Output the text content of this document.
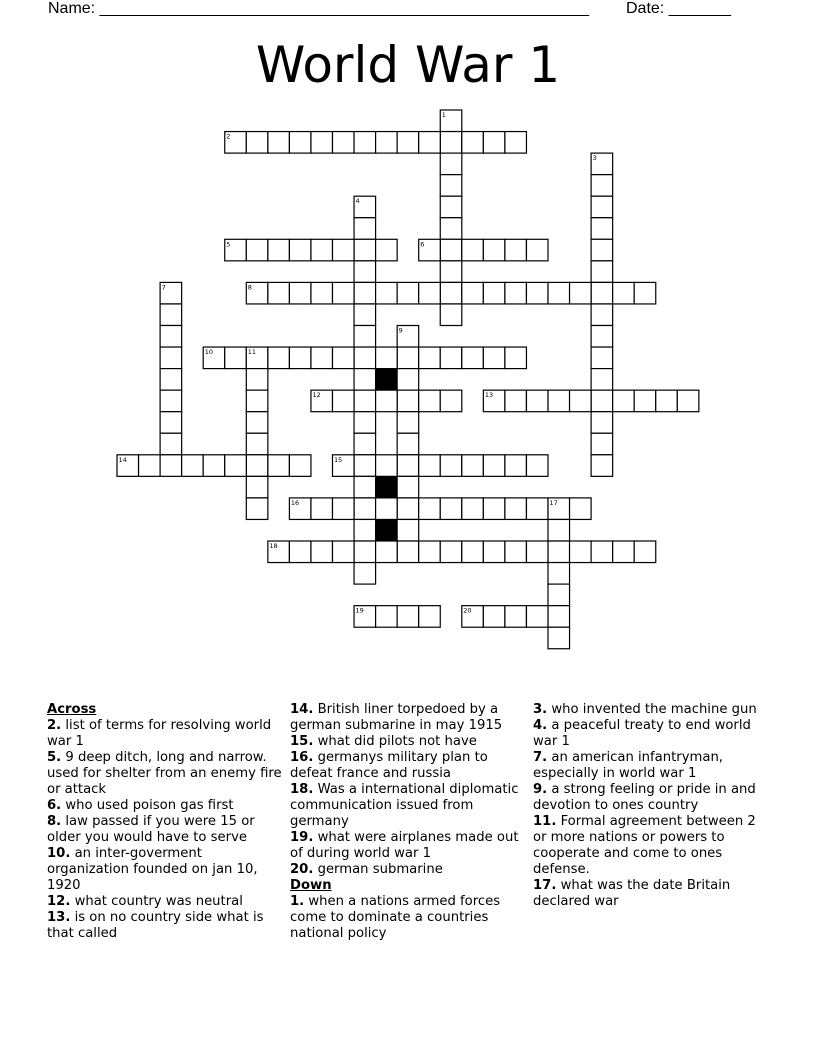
Name: _______________________________________________________ Date: _______
World War 1
1
2
3
4
5	6
7	8
9
10	11
12	13
14	15
16	17
18
19	20
Across
2. list of terms for resolving world war 1
5. 9 deep ditch, long and narrow. used for shelter from an enemy fire or attack
6. who used poison gas first
8. law passed if you were 15 or older you would have to serve
10. an inter-goverment organization founded on jan 10, 1920
12. what country was neutral
13. is on no country side what is that called
14. British liner torpedoed by a german submarine in may 1915
15. what did pilots not have
16. germanys military plan to defeat france and russia
18. Was a international diplomatic communication issued from germany
19. what were airplanes made out of during world war 1
20. german submarine
Down
1. when a nations armed forces come to dominate a countries national policy
3. who invented the machine gun
4. a peaceful treaty to end world war 1
7. an american infantryman, especially in world war 1
9. a strong feeling or pride in and devotion to ones country
11. Formal agreement between 2 or more nations or powers to cooperate and come to ones defense.
17. what was the date Britain declared war
